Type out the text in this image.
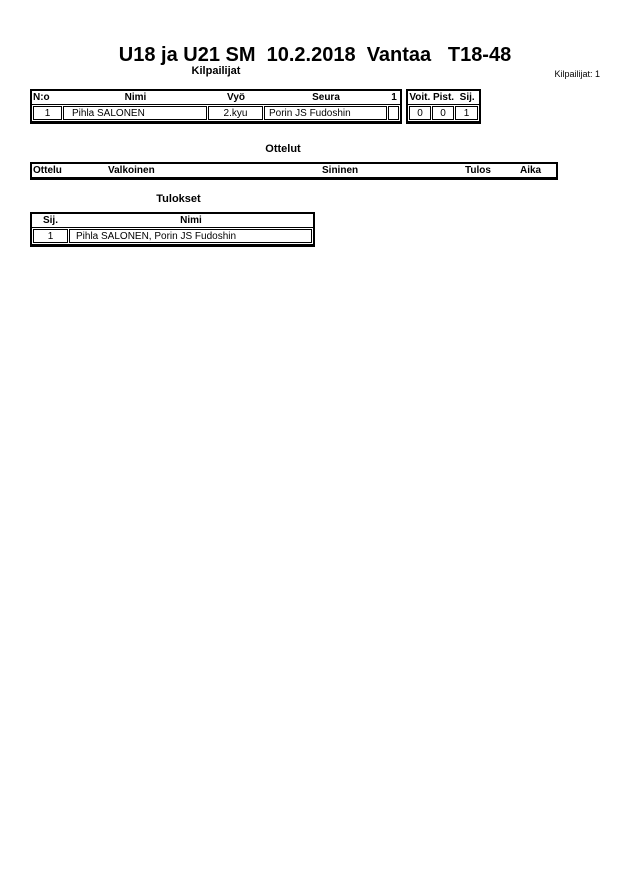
U18 ja U21 SM  10.2.2018  Vantaa   T18-48
Kilpailijat	Kilpailijat: 1
N:o	Nimi	Vyö	Seura	1
1	Pihla SALONEN	2.kyu	Porin JS Fudoshin
Voit. Pist. Sij.
0	0	1
Ottelut
Ottelu	Valkoinen	Sininen	Tulos	Aika
Tulokset
Sij.	Nimi
1	Pihla SALONEN, Porin JS Fudoshin
